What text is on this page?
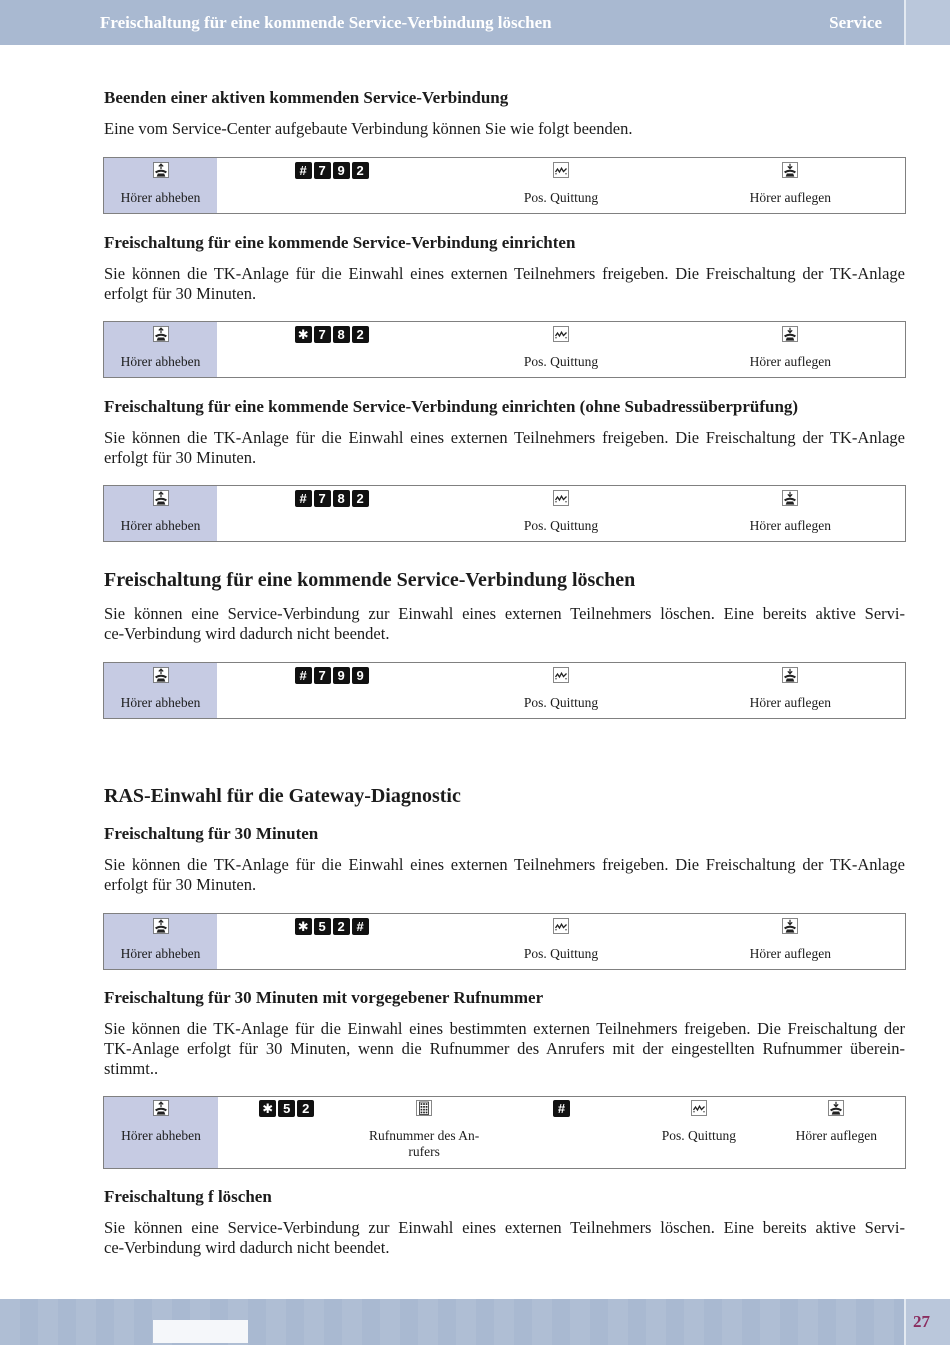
Freischaltung für eine kommende Service-Verbindung löschen	Service
Beenden einer aktiven kommenden Service-Verbindung
Eine vom Service-Center aufgebaute Verbindung können Sie wie folgt beenden.
Hörer abheben
# 7 9 2
Pos. Quittung	Hörer auflegen
Freischaltung für eine kommende Service-Verbindung einrichten
Sie können die TK-Anlage für die Einwahl eines externen Teilnehmers freigeben. Die Freischaltung der TK-Anlage
erfolgt für 30 Minuten.
Hörer abheben
✱ 7 8 2
Pos. Quittung	Hörer auflegen
Freischaltung für eine kommende Service-Verbindung einrichten (ohne Subadressüberprüfung)
Sie können die TK-Anlage für die Einwahl eines externen Teilnehmers freigeben. Die Freischaltung der TK-Anlage
erfolgt für 30 Minuten.
Hörer abheben
# 7 8 2
Pos. Quittung	Hörer auflegen
Freischaltung für eine kommende Service-Verbindung löschen
Sie können eine Service-Verbindung zur Einwahl eines externen Teilnehmers löschen. Eine bereits aktive Servi-
ce-Verbindung wird dadurch nicht beendet.
Hörer abheben
# 7 9 9
Pos. Quittung	Hörer auflegen
RAS-Einwahl für die Gateway-Diagnostic
Freischaltung für 30 Minuten
Sie können die TK-Anlage für die Einwahl eines externen Teilnehmers freigeben. Die Freischaltung der TK-Anlage
erfolgt für 30 Minuten.
Hörer abheben
✱ 5 2 #
Pos. Quittung	Hörer auflegen
Freischaltung für 30 Minuten mit vorgegebener Rufnummer
Sie können die TK-Anlage für die Einwahl eines bestimmten externen Teilnehmers freigeben. Die Freischaltung der
TK-Anlage erfolgt für 30 Minuten, wenn die Rufnummer des Anrufers mit der eingestellten Rufnummer überein-
stimmt..
Hörer abheben
✱ 5 2
Rufnummer des An-
rufers
#
Pos. Quittung	Hörer auflegen
Freischaltung f löschen
Sie können eine Service-Verbindung zur Einwahl eines externen Teilnehmers löschen. Eine bereits aktive Servi-
ce-Verbindung wird dadurch nicht beendet.
27
